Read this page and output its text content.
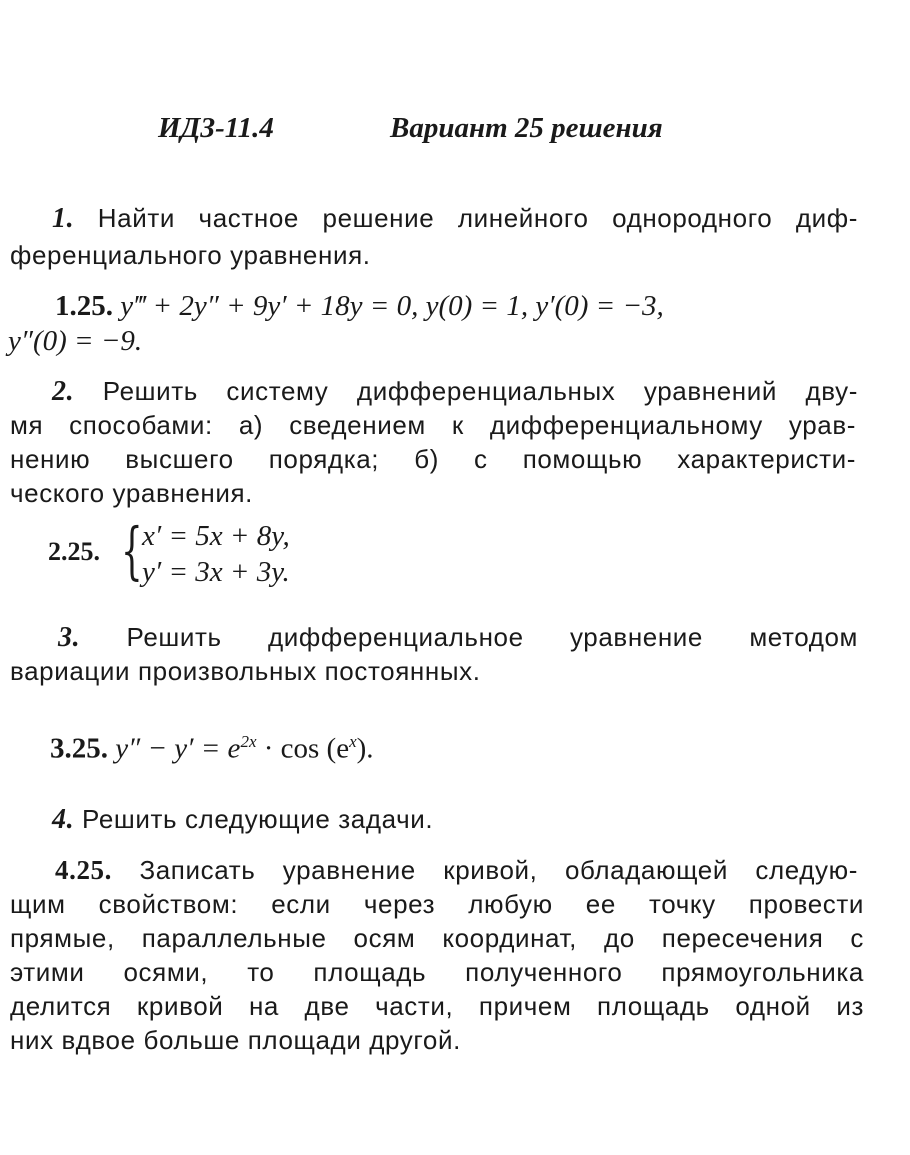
ИДЗ-11.4	Вариант 25 решения
1. Найти частное решение линейного однородного диф-
ференциального уравнения.
1.25. y‴ + 2y″ + 9y′ + 18y = 0, y(0) = 1, y′(0) = −3,
y″(0) = −9.
2. Решить систему дифференциальных уравнений дву-
мя способами: а) сведением к дифференциальному урав-
нению высшего порядка; б) с помощью характеристи-
ческого уравнения.
2.25. { x′ = 5x + 8y,
y′ = 3x + 3y.
3. Решить дифференциальное уравнение методом
вариации произвольных постоянных.
3.25. $y'' - y' = e^{2x} \cdot \cos (e^x)$.
4. Решить следующие задачи.
4.25. Записать уравнение кривой, обладающей следую-
щим свойством: если через любую ее точку провести
прямые, параллельные осям координат, до пересечения с
этими осями, то площадь полученного прямоугольника
делится кривой на две части, причем площадь одной из
них вдвое больше площади другой.
